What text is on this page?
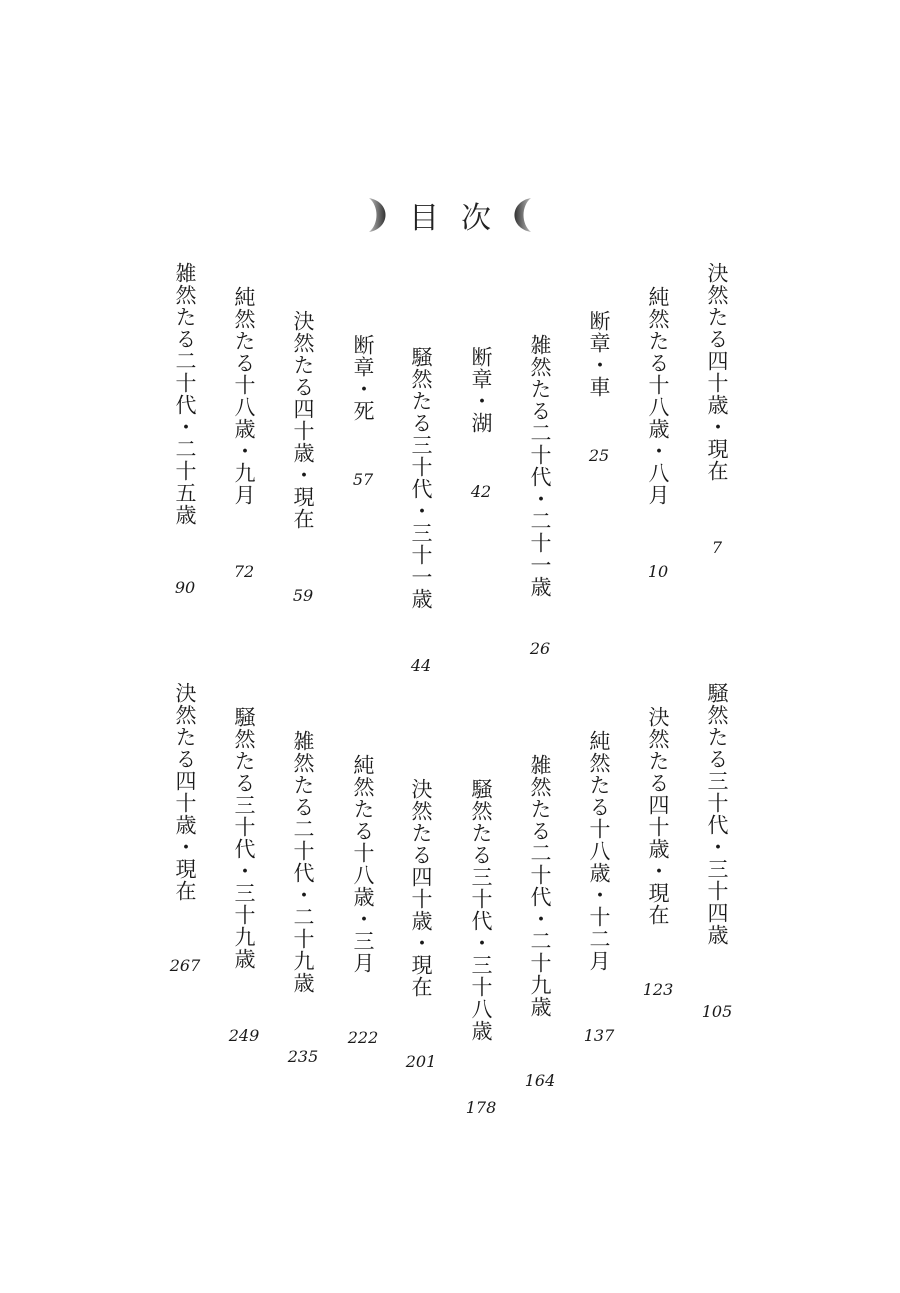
目次
決然たる四十歳・現在
7
純然たる十八歳・八月
10
断章・車
25
雑然たる二十代・二十一歳
26
断章・湖
42
騒然たる三十代・三十一歳
44
断章・死
57
決然たる四十歳・現在
59
純然たる十八歳・九月
72
雑然たる二十代・二十五歳
90
騒然たる三十代・三十四歳
105
決然たる四十歳・現在
123
純然たる十八歳・十二月
137
雑然たる二十代・二十九歳
164
騒然たる三十代・三十八歳
178
決然たる四十歳・現在
201
純然たる十八歳・三月
222
雑然たる二十代・二十九歳
235
騒然たる三十代・三十九歳
249
決然たる四十歳・現在
267
